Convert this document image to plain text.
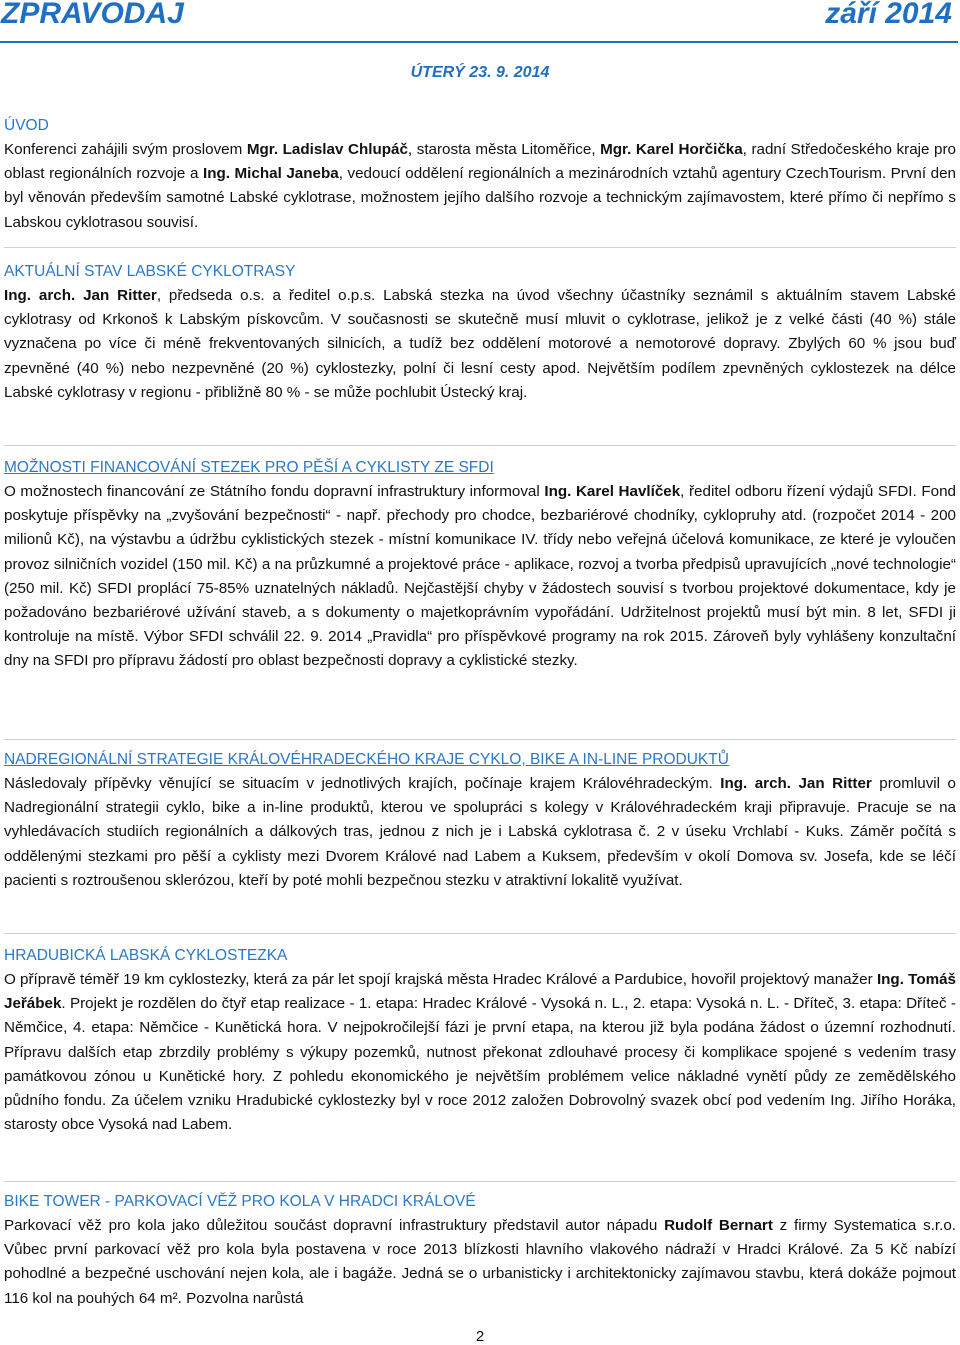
ZPRAVODAJ	září 2014
ÚTERÝ 23. 9. 2014
ÚVOD

Konferenci zahájili svým proslovem Mgr. Ladislav Chlupáč, starosta města Litoměřice, Mgr. Karel Horčička, radní Středočeského kraje pro oblast regionálních rozvoje a Ing. Michal Janeba, vedoucí oddělení regionálních a mezinárodních vztahů agentury CzechTourism. První den byl věnován především samotné Labské cyklotrase, možnostem jejího dalšího rozvoje a technickým zajímavostem, které přímo či nepřímo s Labskou cyklotrasou souvisí.

AKTUÁLNÍ STAV LABSKÉ CYKLOTRASY

Ing. arch. Jan Ritter, předseda o.s. a ředitel o.p.s. Labská stezka na úvod všechny účastníky seznámil s aktuálním stavem Labské cyklotrasy od Krkonoš k Labským pískovcům. V současnosti se skutečně musí mluvit o cyklotrase, jelikož je z velké části (40 %) stále vyznačena po více či méně frekventovaných silnicích, a tudíž bez oddělení motorové a nemotorové dopravy. Zbylých 60 % jsou buď zpevněné (40 %) nebo nezpevněné (20 %) cyklostezky, polní či lesní cesty apod. Největším podílem zpevněných cyklostezek na délce Labské cyklotrasy v regionu - přibližně 80 % - se může pochlubit Ústecký kraj.

MOŽNOSTI FINANCOVÁNÍ STEZEK PRO PĚŠÍ A CYKLISTY ZE SFDI

O možnostech financování ze Státního fondu dopravní infrastruktury informoval Ing. Karel Havlíček, ředitel odboru řízení výdajů SFDI. Fond poskytuje příspěvky na „zvyšování bezpečnosti“ - např. přechody pro chodce, bezbariérové chodníky, cyklopruhy atd. (rozpočet 2014 - 200 milionů Kč), na výstavbu a údržbu cyklistických stezek - místní komunikace IV. třídy nebo veřejná účelová komunikace, ze které je vyloučen provoz silničních vozidel (150 mil. Kč) a na průzkumné a projektové práce - aplikace, rozvoj a tvorba předpisů upravujících „nové technologie“ (250 mil. Kč) SFDI proplácí 75-85% uznatelných nákladů. Nejčastější chyby v žádostech souvisí s tvorbou projektové dokumentace, kdy je požadováno bezbariérové užívání staveb, a s dokumenty o majetkoprávním vypořádání. Udržitelnost projektů musí být min. 8 let, SFDI ji kontroluje na místě. Výbor SFDI schválil 22. 9. 2014 „Pravidla“ pro příspěvkové programy na rok 2015. Zároveň byly vyhlášeny konzultační dny na SFDI pro přípravu žádostí pro oblast bezpečnosti dopravy a cyklistické stezky.

NADREGIONÁLNÍ STRATEGIE KRÁLOVÉHRADECKÉHO KRAJE CYKLO, BIKE A IN-LINE PRODUKTŮ

Následovaly přípěvky věnující se situacím v jednotlivých krajích, počínaje krajem Královéhradeckým. Ing. arch. Jan Ritter promluvil o Nadregionální strategii cyklo, bike a in-line produktů, kterou ve spolupráci s kolegy v Královéhradeckém kraji připravuje. Pracuje se na vyhledávacích studiích regionálních a dálkových tras, jednou z nich je i Labská cyklotrasa č. 2 v úseku Vrchlabí - Kuks. Záměr počítá s oddělenými stezkami pro pěší a cyklisty mezi Dvorem Králové nad Labem a Kuksem, především v okolí Domova sv. Josefa, kde se léčí pacienti s roztroušenou sklerózou, kteří by poté mohli bezpečnou stezku v atraktivní lokalitě využívat.

HRADUBICKÁ LABSKÁ CYKLOSTEZKA

O přípravě téměř 19 km cyklostezky, která za pár let spojí krajská města Hradec Králové a Pardubice, hovořil projektový manažer Ing. Tomáš Jeřábek. Projekt je rozdělen do čtyř etap realizace - 1. etapa: Hradec Králové - Vysoká n. L., 2. etapa: Vysoká n. L. - Dříteč, 3. etapa: Dříteč - Němčice, 4. etapa: Němčice - Kunětická hora. V nejpokročilejší fázi je první etapa, na kterou již byla podána žádost o územní rozhodnutí. Přípravu dalších etap zbrzdily problémy s výkupy pozemků, nutnost překonat zdlouhavé procesy či komplikace spojené s vedením trasy památkovou zónou u Kunětické hory. Z pohledu ekonomického je největším problémem velice nákladné vynětí půdy ze zemědělského půdního fondu. Za účelem vzniku Hradubické cyklostezky byl v roce 2012 založen Dobrovolný svazek obcí pod vedením Ing. Jiřího Horáka, starosty obce Vysoká nad Labem.

BIKE TOWER - PARKOVACÍ VĚŽ PRO KOLA V HRADCI KRÁLOVÉ

Parkovací věž pro kola jako důležitou součást dopravní infrastruktury představil autor nápadu Rudolf Bernart z firmy Systematica s.r.o. Vůbec první parkovací věž pro kola byla postavena v roce 2013 blízkosti hlavního vlakového nádraží v Hradci Králové. Za 5 Kč nabízí pohodlné a bezpečné uschování nejen kola, ale i bagáže. Jedná se o urbanisticky i architektonicky zajímavou stavbu, která dokáže pojmout 116 kol na pouhých 64 m². Pozvolna narůstá

2
